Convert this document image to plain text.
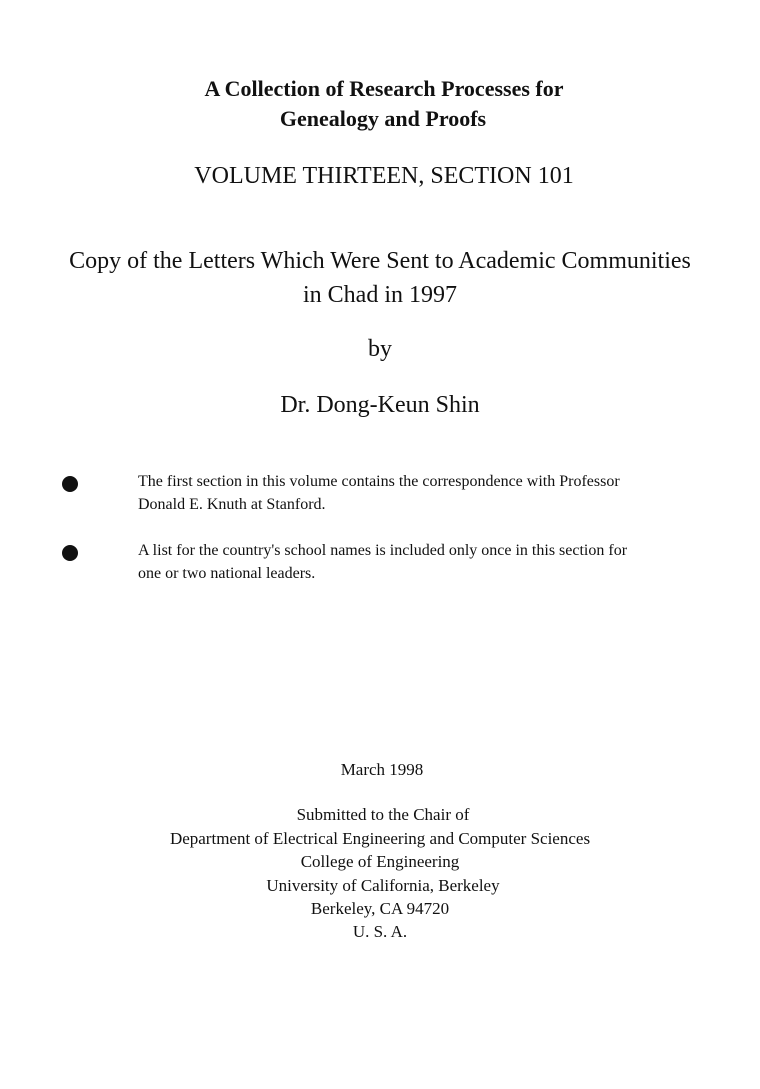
A Collection of Research Processes for
Genealogy and Proofs
VOLUME THIRTEEN, SECTION 101
Copy of the Letters Which Were Sent to Academic Communities
in Chad in 1997
by
Dr. Dong-Keun Shin
The first section in this volume contains the correspondence with Professor
Donald E. Knuth at Stanford.
A list for the country's school names is included only once in this section for
one or two national leaders.
March 1998
Submitted to the Chair of
Department of Electrical Engineering and Computer Sciences
College of Engineering
University of California, Berkeley
Berkeley, CA 94720
U. S. A.
